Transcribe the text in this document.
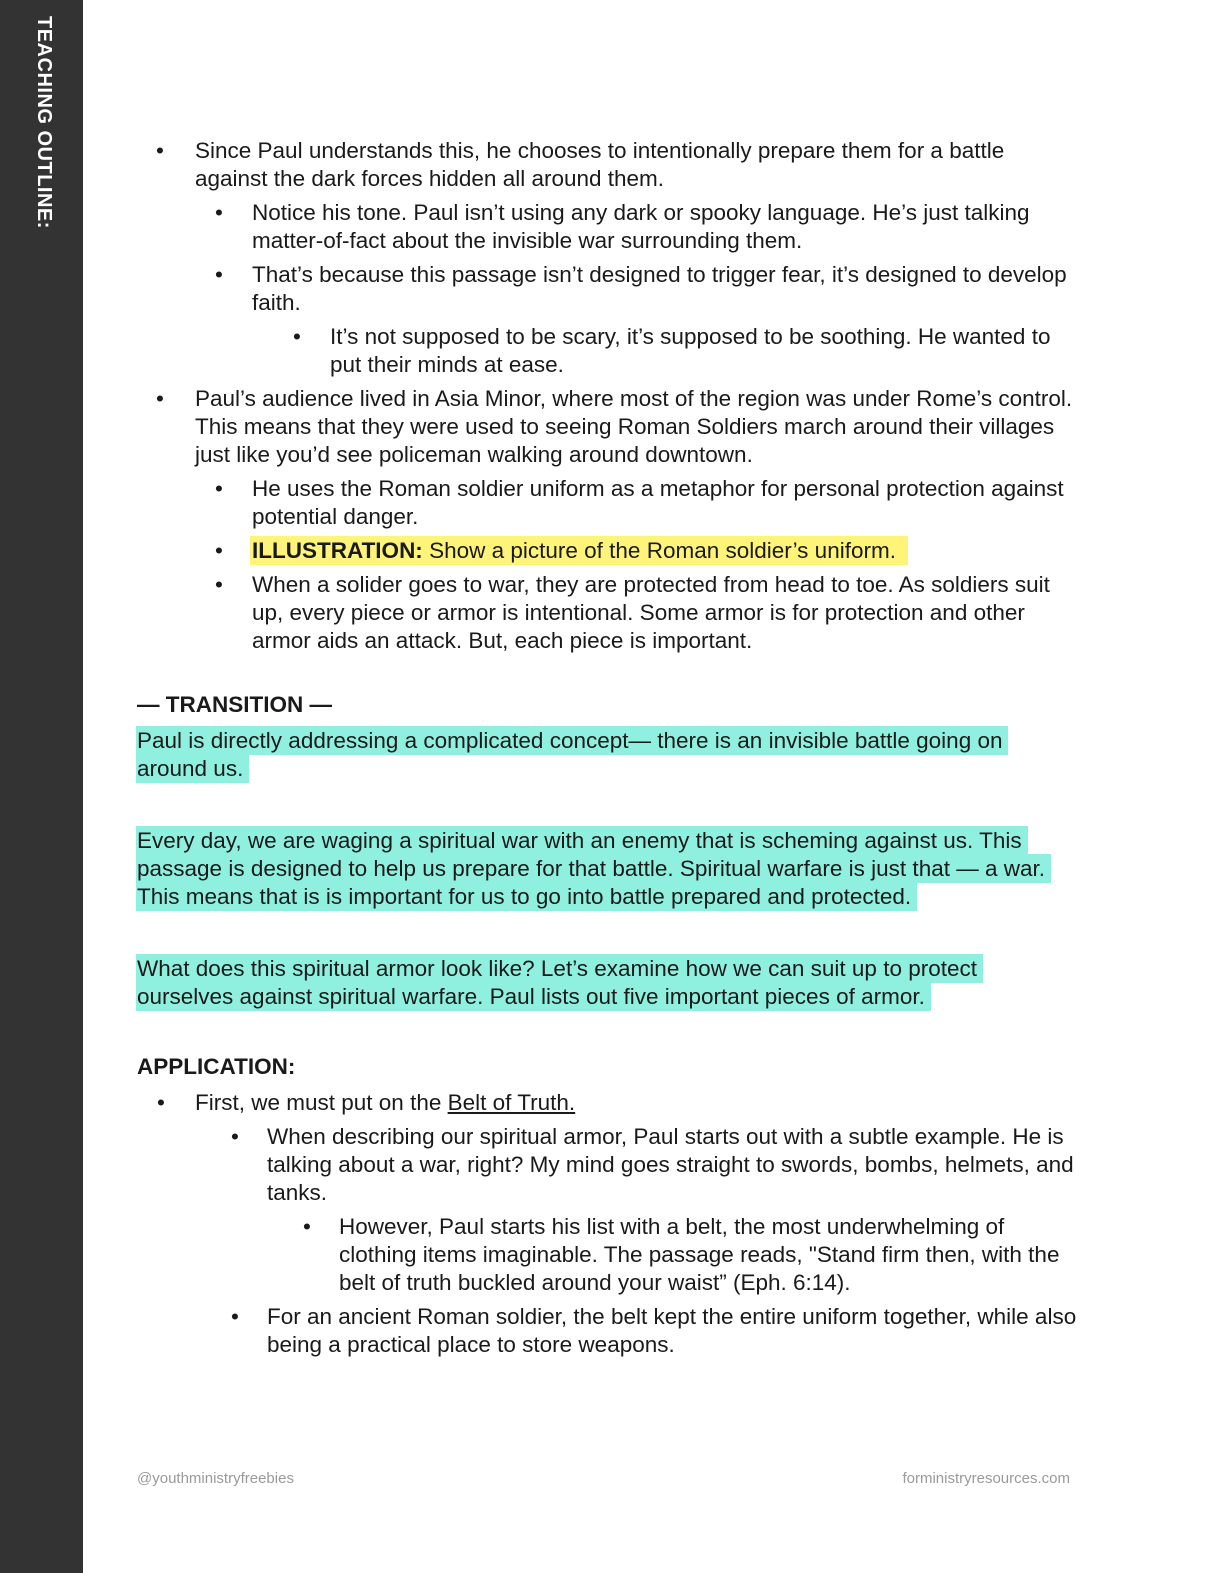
TEACHING OUTLINE:	• Since Paul understands this, he chooses to intentionally prepare them for a battle against the dark forces hidden all around them.
• Notice his tone. Paul isn’t using any dark or spooky language. He’s just talking matter-of-fact about the invisible war surrounding them.
• That’s because this passage isn’t designed to trigger fear, it’s designed to develop faith.
• It’s not supposed to be scary, it’s supposed to be soothing. He wanted to put their minds at ease.
• Paul’s audience lived in Asia Minor, where most of the region was under Rome’s control. This means that they were used to seeing Roman Soldiers march around their villages just like you’d see policeman walking around downtown.
• He uses the Roman soldier uniform as a metaphor for personal protection against potential danger.
• ILLUSTRATION: Show a picture of the Roman soldier’s uniform.
• When a solider goes to war, they are protected from head to toe. As soldiers suit up, every piece or armor is intentional. Some armor is for protection and other armor aids an attack. But, each piece is important.
— TRANSITION —
Paul is directly addressing a complicated concept— there is an invisible battle going on around us.
Every day, we are waging a spiritual war with an enemy that is scheming against us. This passage is designed to help us prepare for that battle. Spiritual warfare is just that — a war. This means that is is important for us to go into battle prepared and protected.
What does this spiritual armor look like? Let’s examine how we can suit up to protect ourselves against spiritual warfare. Paul lists out five important pieces of armor.
APPLICATION:
• First, we must put on the Belt of Truth.
• When describing our spiritual armor, Paul starts out with a subtle example. He is talking about a war, right? My mind goes straight to swords, bombs, helmets, and tanks.
• However, Paul starts his list with a belt, the most underwhelming of clothing items imaginable. The passage reads, "Stand firm then, with the belt of truth buckled around your waist” (Eph. 6:14).
• For an ancient Roman soldier, the belt kept the entire uniform together, while also being a practical place to store weapons.
@youthministryfreebies	forministryresources.com
